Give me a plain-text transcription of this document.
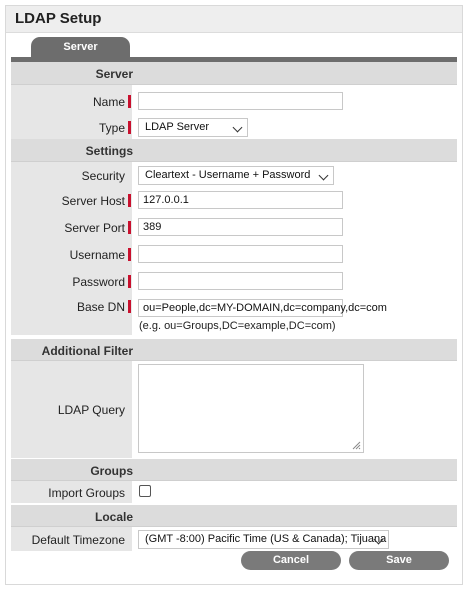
LDAP Setup
Server
Server
Name
Type	LDAP Server
Settings
Security	Cleartext - Username + Password
Server Host	127.0.0.1
Server Port	389
Username
Password
Base DN	ou=People,dc=MY-DOMAIN,dc=company,dc=com
(e.g. ou=Groups,DC=example,DC=com)
Additional Filter
LDAP Query
Groups
Import Groups
Locale
Default Timezone	(GMT -8:00) Pacific Time (US & Canada); Tijuana
Cancel	Save
